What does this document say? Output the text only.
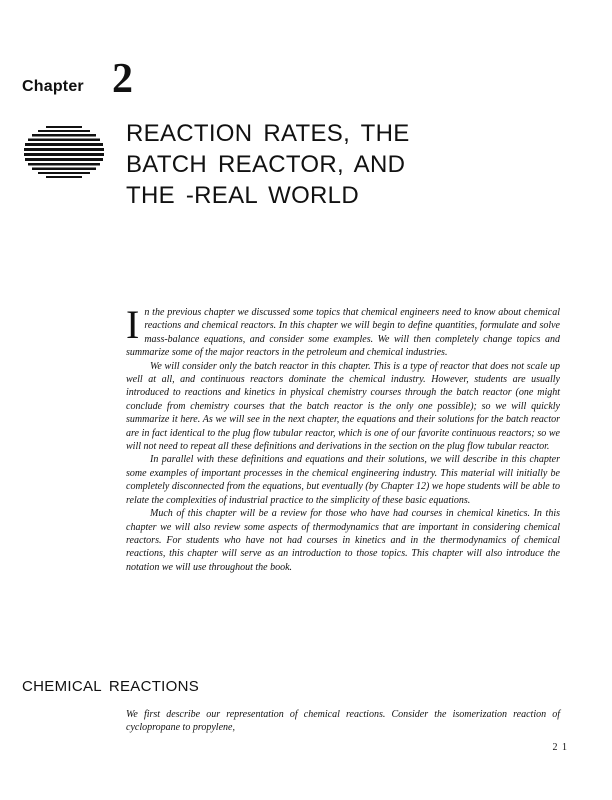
Chapter 2
REACTION RATES, THE
BATCH REACTOR, AND
THE -REAL WORLD

In the previous chapter we discussed some topics that chemical engineers need to know about chemical reactions and chemical reactors. In this chapter we will begin to define quantities, formulate and solve mass-balance equations, and consider some examples. We will then completely change topics and summarize some of the major reactors in the petroleum and chemical industries.

We will consider only the batch reactor in this chapter. This is a type of reactor that does not scale up well at all, and continuous reactors dominate the chemical industry. However, students are usually introduced to reactions and kinetics in physical chemistry courses through the batch reactor (one might conclude from chemistry courses that the batch reactor is the only one possible); so we will quickly summarize it here. As we will see in the next chapter, the equations and their solutions for the batch reactor are in fact identical to the plug flow tubular reactor, which is one of our favorite continuous reactors; so we will not need to repeat all these definitions and derivations in the section on the plug flow tubular reactor.

In parallel with these definitions and equations and their solutions, we will describe in this chapter some examples of important processes in the chemical engineering industry. This material will initially be completely disconnected from the equations, but eventually (by Chapter 12) we hope students will be able to relate the complexities of industrial practice to the simplicity of these basic equations.

Much of this chapter will be a review for those who have had courses in chemical kinetics. In this chapter we will also review some aspects of thermodynamics that are important in considering chemical reactors. For students who have not had courses in kinetics and in the thermodynamics of chemical reactions, this chapter will serve as an introduction to those topics. This chapter will also introduce the notation we will use throughout the book.

CHEMICAL REACTIONS
We first describe our representation of chemical reactions. Consider the isomerization reaction of cyclopropane to propylene,
2 1
